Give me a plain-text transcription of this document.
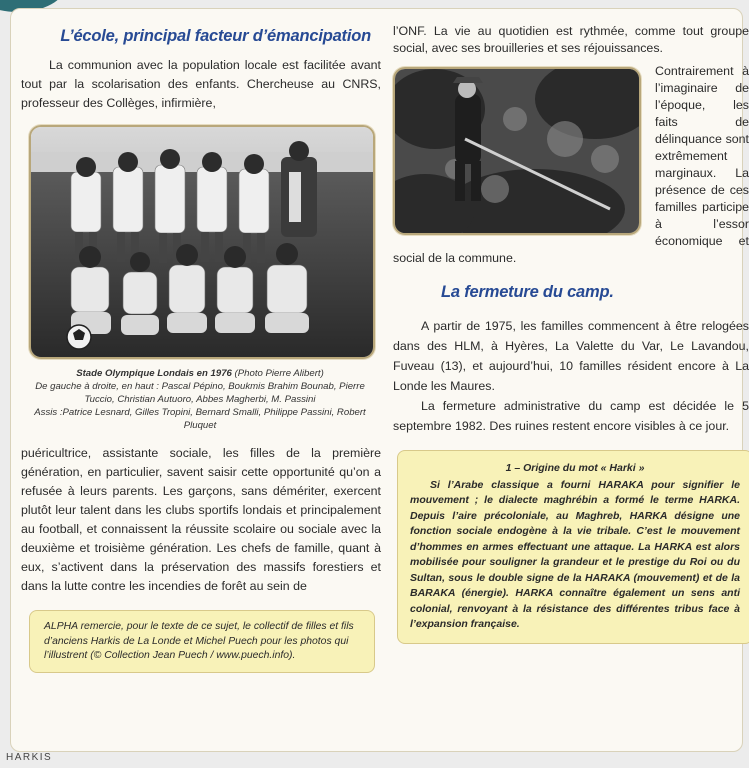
L’école, principal facteur d’émancipation

La communion avec la population locale est facilitée avant tout par la scolarisation des enfants. Chercheuse au CNRS, professeur des Collèges, infirmière,

Stade Olympique Londais en 1976 (Photo Pierre Alibert)
De gauche à droite, en haut : Pascal Pépino, Boukmis Brahim Bounab, Pierre Tuccio, Christian Autuoro, Abbes Magherbi, M. Passini
Assis :Patrice Lesnard, Gilles Tropini, Bernard Smalli, Philippe Passini, Robert Pluquet

puéricultrice, assistante sociale, les filles de la première génération, en particulier, savent saisir cette opportunité qu’on a refusée à leurs parents. Les garçons, sans démériter, exercent plutôt leur talent dans les clubs sportifs londais et principalement au football, et connaissent la réussite scolaire ou sociale avec la deuxième et troisième génération. Les chefs de famille, quant à eux, s’activent dans la préservation des massifs forestiers et dans la lutte contre les incendies de forêt au sein de

ALPHA remercie, pour le texte de ce sujet, le collectif de filles et fils d’anciens Harkis de La Londe et Michel Puech pour les photos qui l’illustrent (© Collection Jean Puech / www.puech.info).

l’ONF. La vie au quotidien est rythmée, comme tout groupe social, avec ses brouilleries et ses réjouissances.

Contrairement à l’imaginaire de l’époque, les faits de délinquance sont extrêmement marginaux. La présence de ces familles participe à l’essor économique et social de la commune.

La fermeture du camp.

A partir de 1975, les familles commencent à être relogées dans des HLM, à Hyères, La Valette du Var, Le Lavandou, Fuveau (13), et aujourd’hui, 10 familles résident encore à La Londe les Maures.

La fermeture administrative du camp est décidée le 5 septembre 1982. Des ruines restent encore visibles à ce jour.

1 – Origine du mot « Harki »
Si l’Arabe classique a fourni HARAKA pour signifier le mouvement ; le dialecte maghrébin a formé le terme HARKA. Depuis l’aire précoloniale, au Maghreb, HARKA désigne une fonction sociale endogène à la vie tribale. C’est le mouvement d’hommes en armes effectuant une attaque. La HARKA est alors mobilisée pour souligner la grandeur et le prestige du Roi ou du Sultan, sous le double signe de la HARAKA (mouvement) et de la BARAKA (énergie). HARKA connaître également un sens anti colonial, renvoyant à la résistance des différentes tribus face à l’expansion française.
HARKIS
